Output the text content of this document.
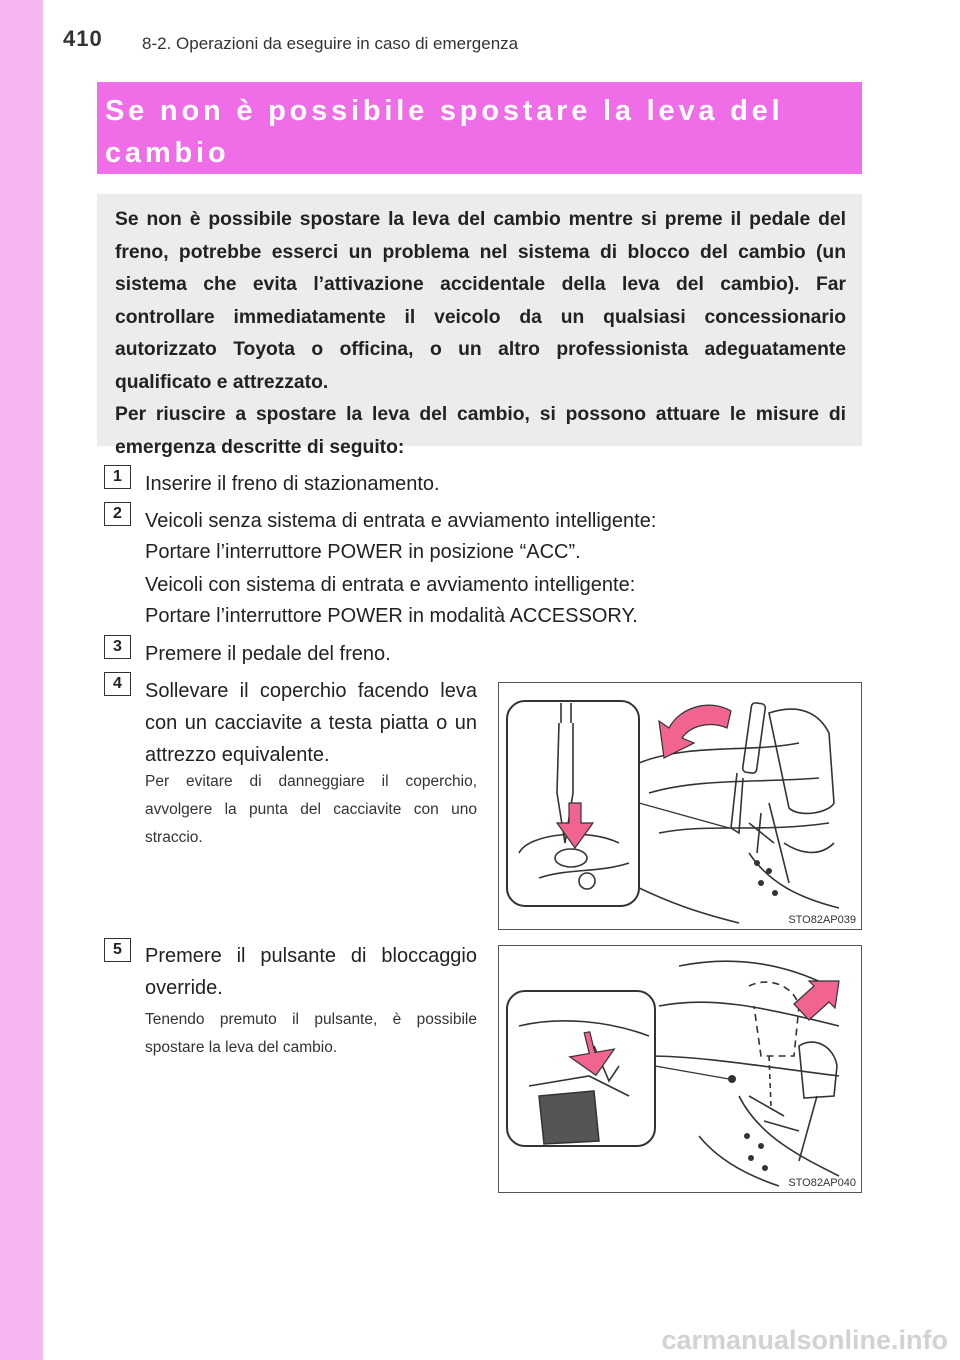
410 8-2. Operazioni da eseguire in caso di emergenza
Se non è possibile spostare la leva del cambio

Se non è possibile spostare la leva del cambio mentre si preme il pedale del freno, potrebbe esserci un problema nel sistema di blocco del cambio (un sistema che evita l’attivazione accidentale della leva del cambio). Far controllare immediatamente il veicolo da un qualsiasi concessionario autorizzato Toyota o officina, o un altro professionista adeguatamente qualificato e attrezzato.
Per riuscire a spostare la leva del cambio, si possono attuare le misure di emergenza descritte di seguito:

1	Inserire il freno di stazionamento.
2	Veicoli senza sistema di entrata e avviamento intelligente:
Portare l’interruttore POWER in posizione “ACC”.
Veicoli con sistema di entrata e avviamento intelligente:
Portare l’interruttore POWER in modalità ACCESSORY.
3	Premere il pedale del freno.
4	Sollevare il coperchio facendo leva con un cacciavite a testa piatta o un attrezzo equivalente.
Per evitare di danneggiare il coperchio, avvolgere la punta del cacciavite con uno straccio.
STO82AP039
5	Premere il pulsante di bloccaggio override.
Tenendo premuto il pulsante, è possibile spostare la leva del cambio.
STO82AP040
carmanualsonline.info
